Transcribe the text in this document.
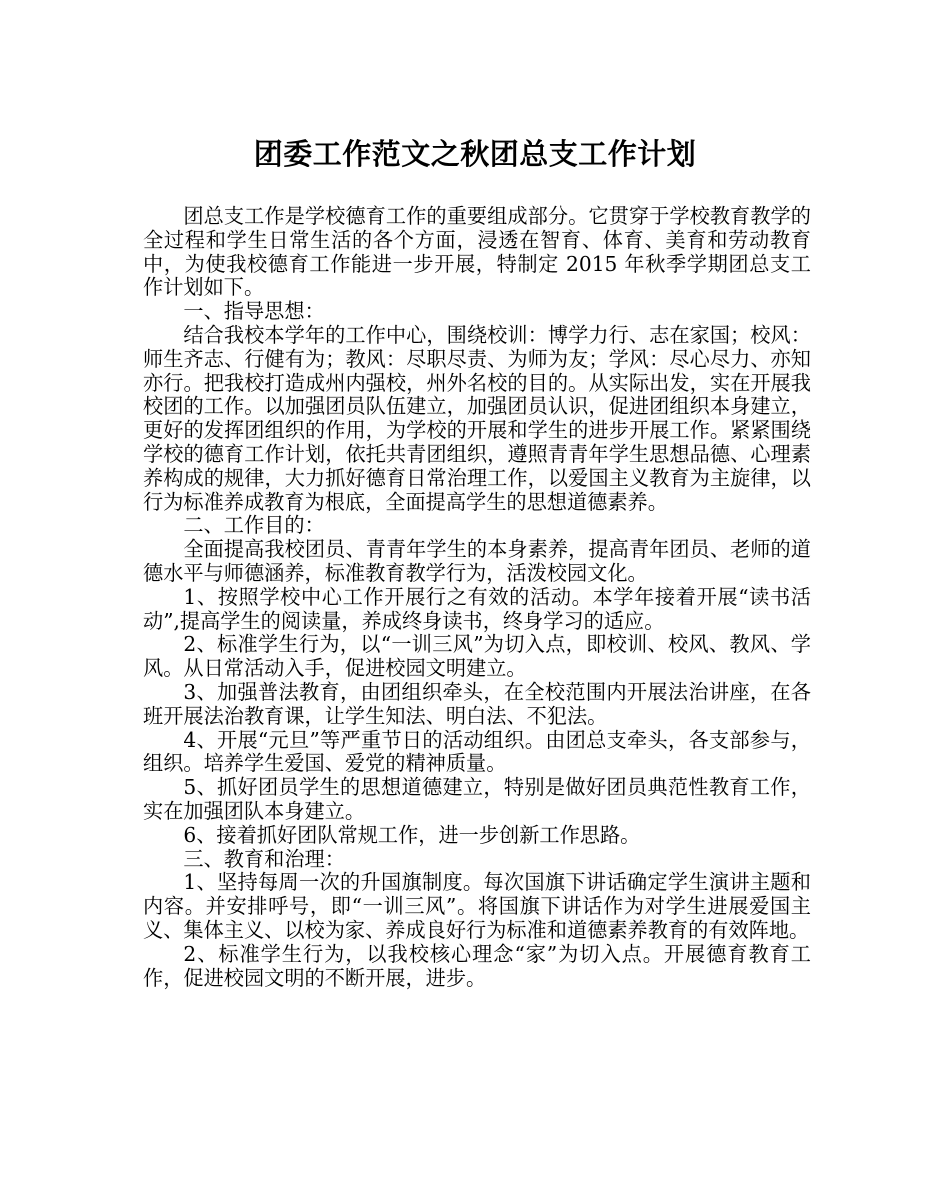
团委工作范文之秋团总支工作计划

团总支工作是学校德育工作的重要组成部分。它贯穿于学校教育教学的全过程和学生日常生活的各个方面，浸透在智育、体育、美育和劳动教育中，为使我校德育工作能进一步开展，特制定 2015 年秋季学期团总支工作计划如下。

一、指导思想：

结合我校本学年的工作中心，围绕校训：博学力行、志在家国；校风：师生齐志、行健有为；教风：尽职尽责、为师为友；学风：尽心尽力、亦知亦行。把我校打造成州内强校，州外名校的目的。从实际出发，实在开展我校团的工作。以加强团员队伍建立，加强团员认识，促进团组织本身建立，更好的发挥团组织的作用，为学校的开展和学生的进步开展工作。紧紧围绕学校的德育工作计划，依托共青团组织，遵照青青年学生思想品德、心理素养构成的规律，大力抓好德育日常治理工作，以爱国主义教育为主旋律，以行为标准养成教育为根底，全面提高学生的思想道德素养。

二、工作目的：

全面提高我校团员、青青年学生的本身素养，提高青年团员、老师的道德水平与师德涵养，标准教育教学行为，活泼校园文化。

1、按照学校中心工作开展行之有效的活动。本学年接着开展“读书活动”,提高学生的阅读量，养成终身读书，终身学习的适应。

2、标准学生行为，以“一训三风”为切入点，即校训、校风、教风、学风。从日常活动入手，促进校园文明建立。

3、加强普法教育，由团组织牵头，在全校范围内开展法治讲座，在各班开展法治教育课，让学生知法、明白法、不犯法。

4、开展“元旦”等严重节日的活动组织。由团总支牵头，各支部参与，组织。培养学生爱国、爱党的精神质量。

5、抓好团员学生的思想道德建立，特别是做好团员典范性教育工作，实在加强团队本身建立。

6、接着抓好团队常规工作，进一步创新工作思路。

三、教育和治理：

1、坚持每周一次的升国旗制度。每次国旗下讲话确定学生演讲主题和内容。并安排呼号，即“一训三风”。将国旗下讲话作为对学生进展爱国主义、集体主义、以校为家、养成良好行为标准和道德素养教育的有效阵地。

2、标准学生行为，以我校核心理念“家”为切入点。开展德育教育工作，促进校园文明的不断开展，进步。
